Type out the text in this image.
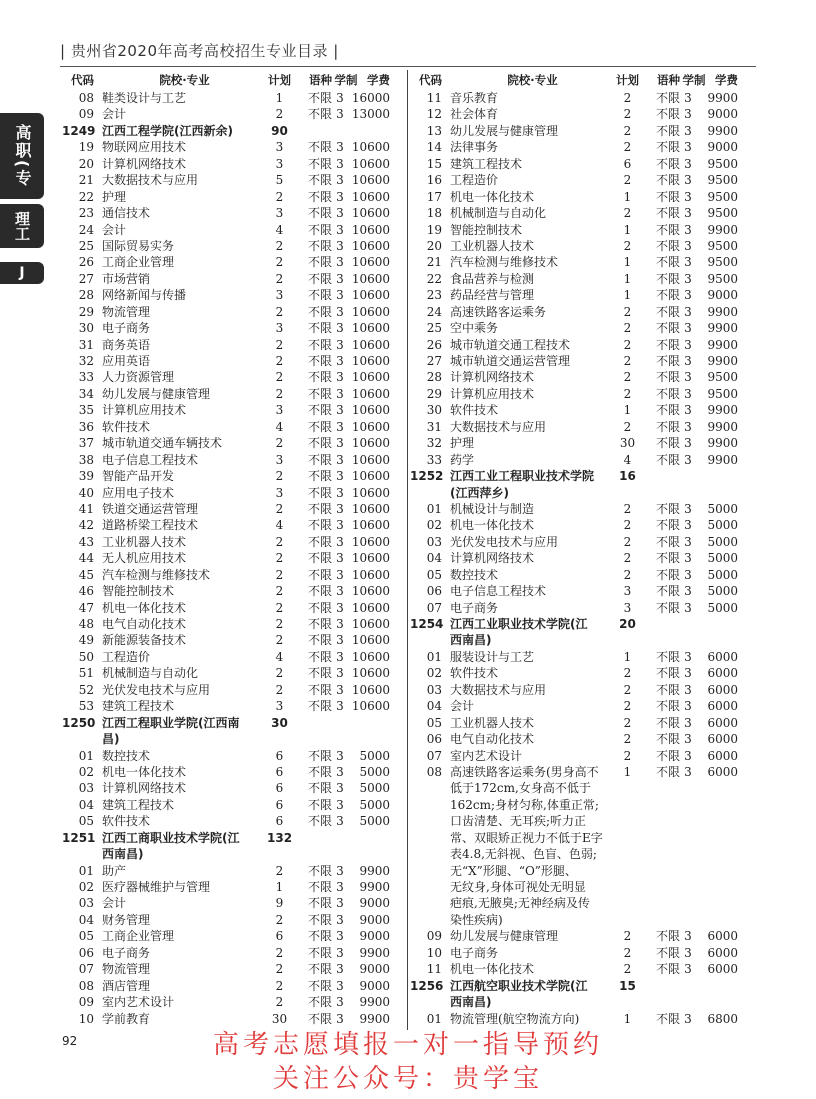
| 贵州省2020年高考高校招生专业目录 |
高职(专
理工
J
代码	院校·专业	计划	语种 学制 学费
08 鞋类设计与工艺	1	不限 3 16000
09 会计	2	不限 3 13000
1249 江西工程学院(江西新余)	90
19 物联网应用技术	3	不限 3 10600
20 计算机网络技术	3	不限 3 10600
21 大数据技术与应用	5	不限 3 10600
22 护理	2	不限 3 10600
23 通信技术	3	不限 3 10600
24 会计	4	不限 3 10600
25 国际贸易实务	2	不限 3 10600
26 工商企业管理	2	不限 3 10600
27 市场营销	2	不限 3 10600
28 网络新闻与传播	3	不限 3 10600
29 物流管理	2	不限 3 10600
30 电子商务	3	不限 3 10600
31 商务英语	2	不限 3 10600
32 应用英语	2	不限 3 10600
33 人力资源管理	2	不限 3 10600
34 幼儿发展与健康管理	2	不限 3 10600
35 计算机应用技术	3	不限 3 10600
36 软件技术	4	不限 3 10600
37 城市轨道交通车辆技术	2	不限 3 10600
38 电子信息工程技术	3	不限 3 10600
39 智能产品开发	2	不限 3 10600
40 应用电子技术	3	不限 3 10600
41 铁道交通运营管理	2	不限 3 10600
42 道路桥梁工程技术	4	不限 3 10600
43 工业机器人技术	2	不限 3 10600
44 无人机应用技术	2	不限 3 10600
45 汽车检测与维修技术	2	不限 3 10600
46 智能控制技术	2	不限 3 10600
47 机电一体化技术	2	不限 3 10600
48 电气自动化技术	2	不限 3 10600
49 新能源装备技术	2	不限 3 10600
50 工程造价	4	不限 3 10600
51 机械制造与自动化	2	不限 3 10600
52 光伏发电技术与应用	2	不限 3 10600
53 建筑工程技术	3	不限 3 10600
1250 江西工程职业学院(江西南	30
昌)
01 数控技术	6	不限 3	5000
02 机电一体化技术	6	不限 3	5000
03 计算机网络技术	6	不限 3	5000
04 建筑工程技术	6	不限 3	5000
05 软件技术	6	不限 3	5000
1251 江西工商职业技术学院(江	132
西南昌)
01 助产	2	不限 3	9900
02 医疗器械维护与管理	1	不限 3	9900
03 会计	9	不限 3	9000
04 财务管理	2	不限 3	9000
05 工商企业管理	6	不限 3	9000
06 电子商务	2	不限 3	9900
07 物流管理	2	不限 3	9000
08 酒店管理	2	不限 3	9000
09 室内艺术设计	2	不限 3	9900
10 学前教育	30	不限 3	9900
代码	院校·专业	计划	语种 学制 学费
11 音乐教育	2	不限 3	9900
12 社会体育	2	不限 3	9000
13 幼儿发展与健康管理	2	不限 3	9900
14 法律事务	2	不限 3	9000
15 建筑工程技术	6	不限 3	9500
16 工程造价	2	不限 3	9500
17 机电一体化技术	1	不限 3	9500
18 机械制造与自动化	2	不限 3	9500
19 智能控制技术	1	不限 3	9900
20 工业机器人技术	2	不限 3	9500
21 汽车检测与维修技术	1	不限 3	9500
22 食品营养与检测	1	不限 3	9500
23 药品经营与管理	1	不限 3	9000
24 高速铁路客运乘务	2	不限 3	9900
25 空中乘务	2	不限 3	9900
26 城市轨道交通工程技术	2	不限 3	9900
27 城市轨道交通运营管理	2	不限 3	9900
28 计算机网络技术	2	不限 3	9500
29 计算机应用技术	2	不限 3	9500
30 软件技术	1	不限 3	9900
31 大数据技术与应用	2	不限 3	9900
32 护理	30	不限 3	9900
33 药学	4	不限 3	9900
1252 江西工业工程职业技术学院	16
(江西萍乡)
01 机械设计与制造	2	不限 3	5000
02 机电一体化技术	2	不限 3	5000
03 光伏发电技术与应用	2	不限 3	5000
04 计算机网络技术	2	不限 3	5000
05 数控技术	2	不限 3	5000
06 电子信息工程技术	3	不限 3	5000
07 电子商务	3	不限 3	5000
1254 江西工业职业技术学院(江	20
西南昌)
01 服装设计与工艺	1	不限 3	6000
02 软件技术	2	不限 3	6000
03 大数据技术与应用	2	不限 3	6000
04 会计	2	不限 3	6000
05 工业机器人技术	2	不限 3	6000
06 电气自动化技术	2	不限 3	6000
07 室内艺术设计	2	不限 3	6000
08 高速铁路客运乘务(男身高不	1	不限 3	6000
低于172cm,女身高不低于
162cm;身材匀称,体重正常;
口齿清楚、无耳疾;听力正
常、双眼矫正视力不低于E字
表4.8,无斜视、色盲、色弱;
无“X”形腿、“O”形腿、
无纹身,身体可视处无明显
疤痕,无腋臭;无神经病及传
染性疾病)
09 幼儿发展与健康管理	2	不限 3	6000
10 电子商务	2	不限 3	6000
11 机电一体化技术	2	不限 3	6000
1256 江西航空职业技术学院(江	15
西南昌)
01 物流管理(航空物流方向)	1	不限 3	6800
92	高考志愿填报一对一指导预约
关注公众号：贵学宝
